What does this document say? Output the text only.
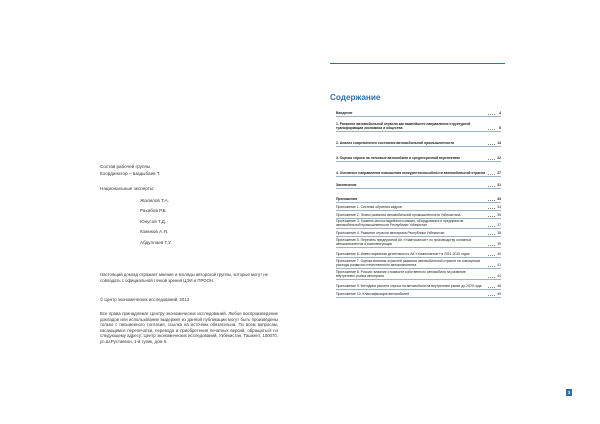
Состав рабочей группы
Координатор – Шадыбаев Т.
Национальные эксперты:
Жалилов Т.А.
Рахабов Р.Б.
Юнусов Т.Д.
Кожиков А.Я.
Абдуллаев Т.У.
Настоящий доклад отражает мнение и взгляды авторской группы, которые могут не совпадать с официальной точкой зрения ЦЭИ и ПРООН.
© Центр экономических исследований, 2013
Все права принадлежат Центру экономических исследований. Любое воспроизведение докладов или использование выдержек из данной публикации могут быть произведены только с письменного согласия, ссылка на источник обязательна. По всем вопросам, касающимся перепечатки, перевода и приобретения печатных версий, обращаться по следующему адресу: Центр экономических исследований, Узбекистан, Ташкент, 100070, ул.Ш.Руставели, 1-й тупик, дом 5.
Содержание
Введение	4
1. Развитие автомобильной отрасли как важнейшего направления структурной трансформации экономики и общества	8
2. Анализ современного состояния автомобильной промышленности	14
3. Оценка спроса на легковые автомобили и среднесрочной перспективе	22
4. Основные направления повышения конкурентоспособности автомобильной отрасли	27
Заключение	31
Приложения	34
Приложение 1. Система обучения кадров	34
Приложение 2. Этапы развития автомобильной промышленности Узбекистана	35
Приложение 3. Уровень многостадийности машин, оборудования и предприятия автомобильной промышленности Республики Узбекистан	37
Приложение 4. Развитие отрасли автопрома Республики Узбекистан	38
Приложение 5. Перечень предприятий АК «Узавтосаноат» по производству основных автокомпонентов и комплектующих	39
Приложение 6. Инвестиционная деятельность АК «Узавтосаноат» в 2011-2015 годах	40
Приложение 7. Оценка влияния отраслей развития автомобильной отрасли на совокупные расходы развития отечественного автокомпонента	41
Приложение 8. Россия: влияние стоимости собственного автомобиля на развитие внутреннего рынка автопрома	44
Приложение 9. Методика расчета спроса на автомобили на внутреннем рынке до 2020 года	48
Приложение 10. Классификация автомобилей	49
3
